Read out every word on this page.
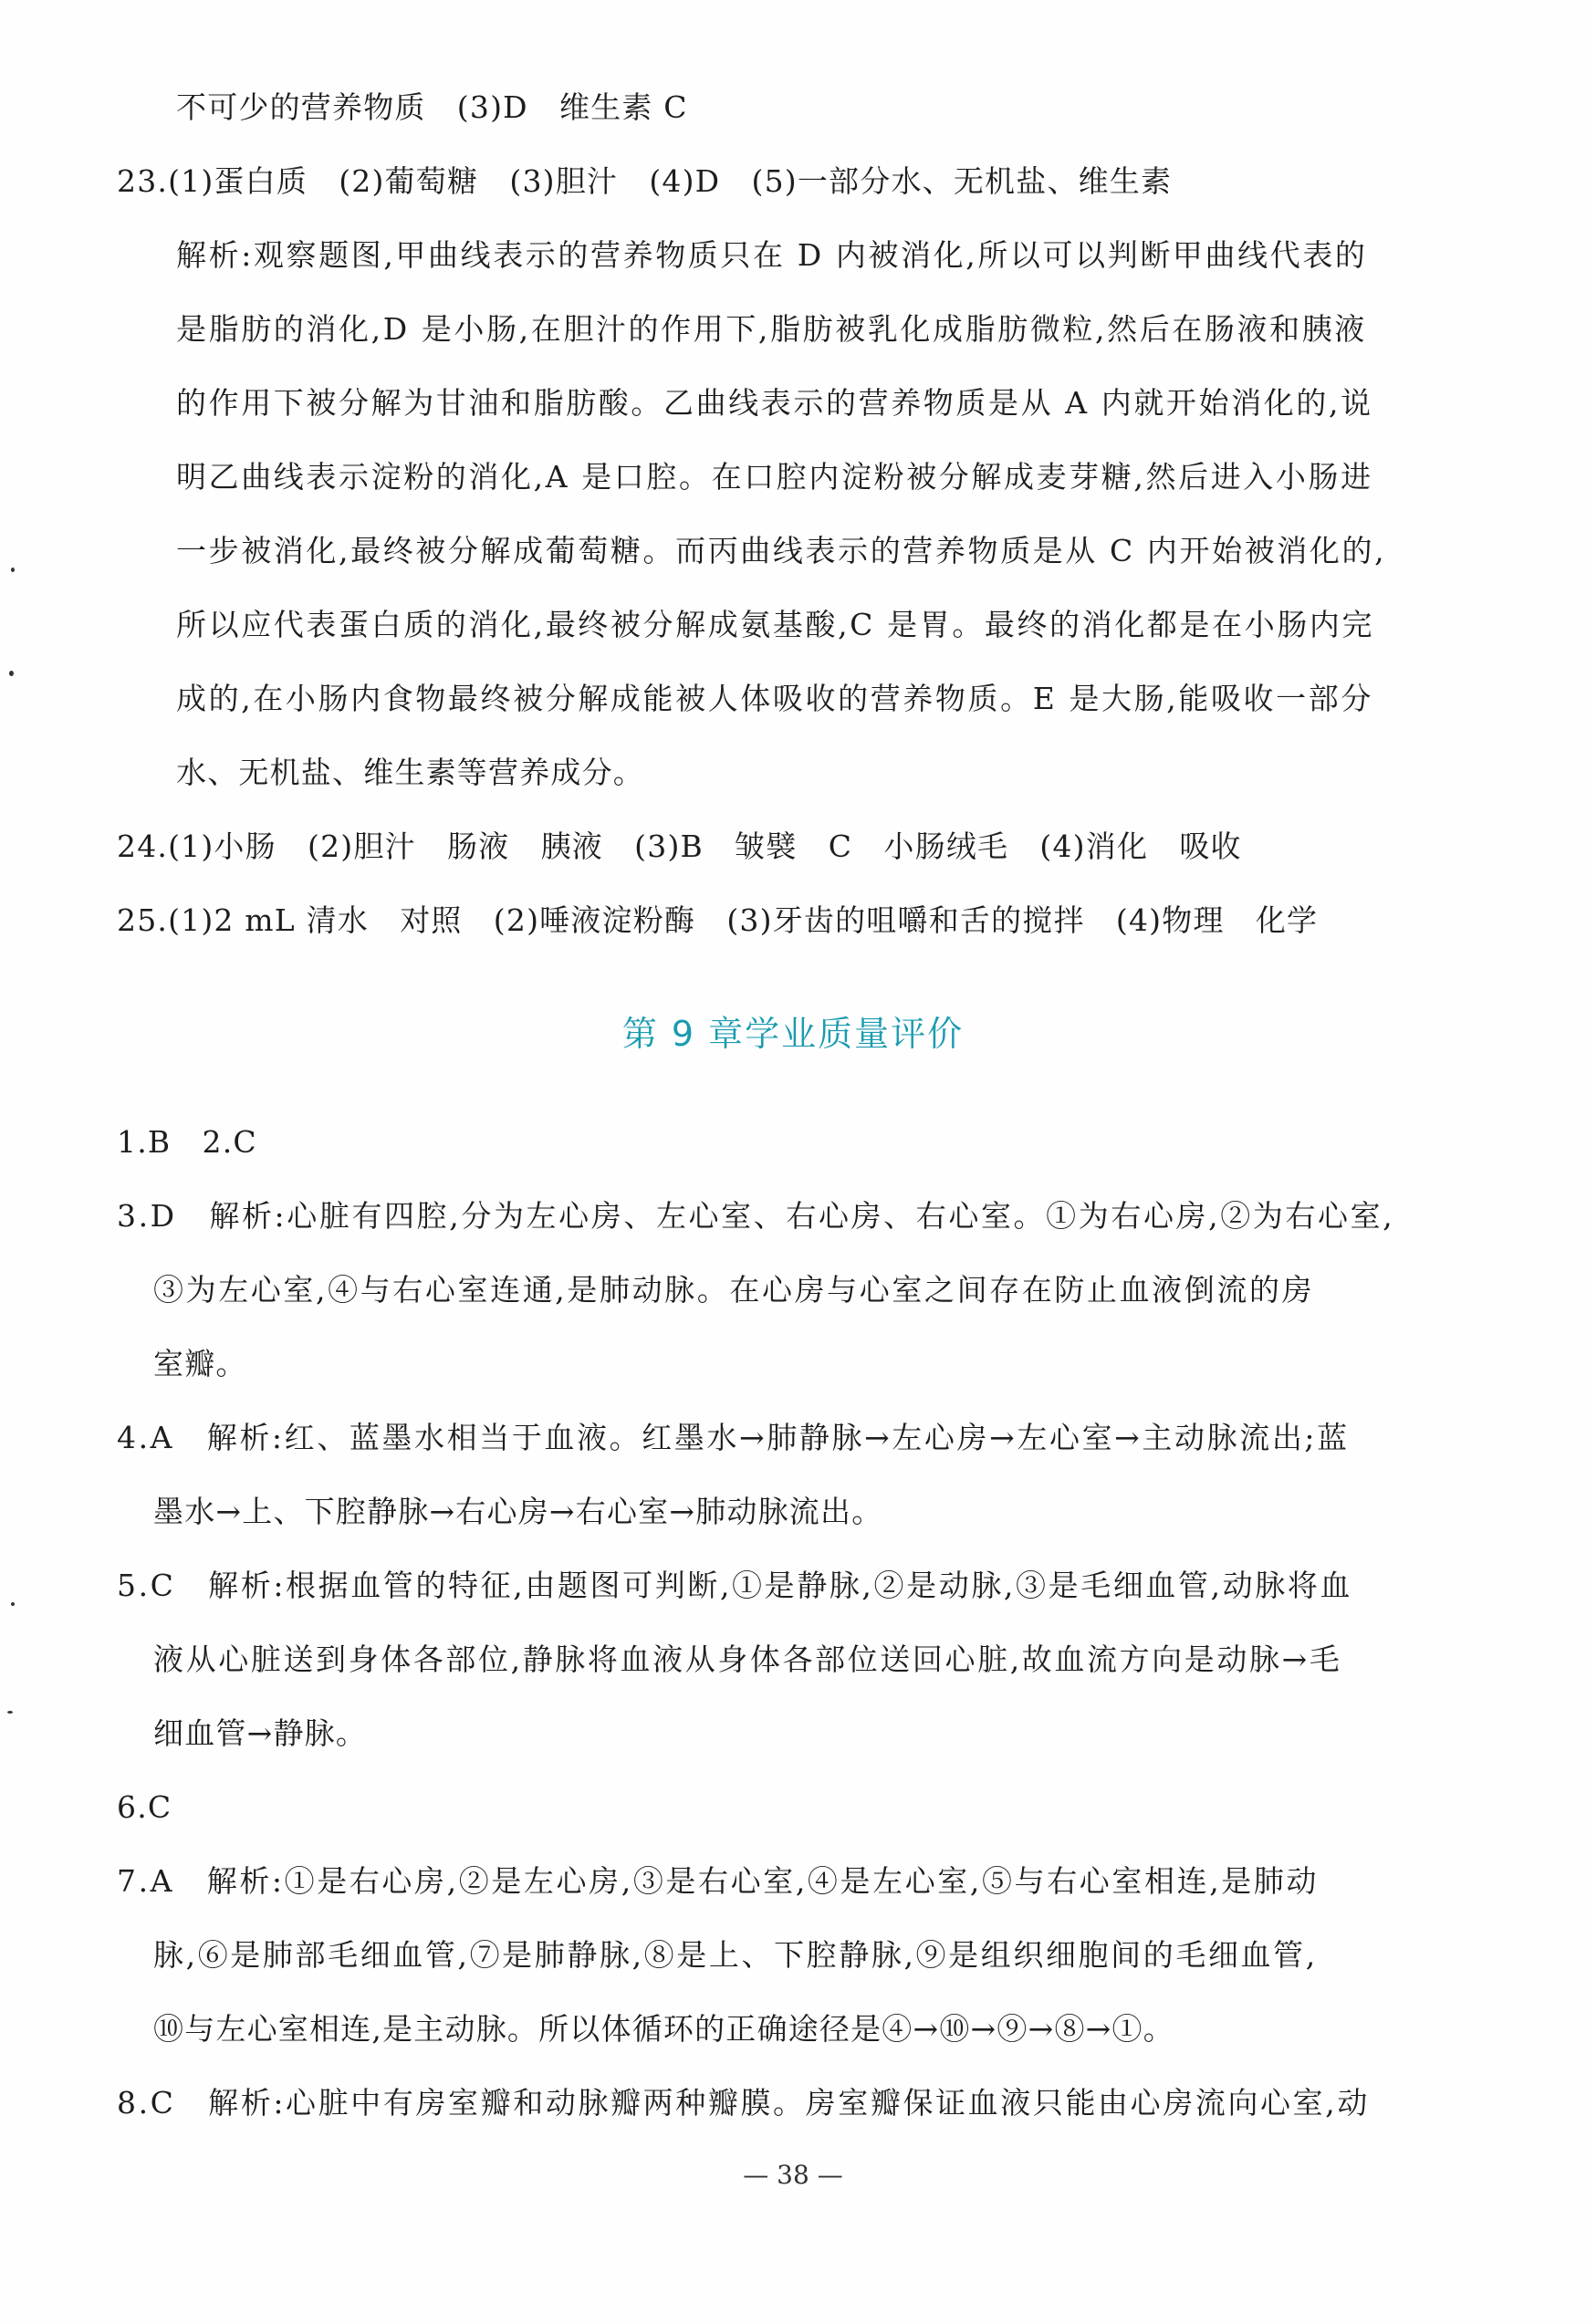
不可少的营养物质　(3)D　维生素 C
23.(1)蛋白质　(2)葡萄糖　(3)胆汁　(4)D　(5)一部分水、无机盐、维生素
解析:观察题图,甲曲线表示的营养物质只在 D 内被消化,所以可以判断甲曲线代表的
是脂肪的消化,D 是小肠,在胆汁的作用下,脂肪被乳化成脂肪微粒,然后在肠液和胰液
的作用下被分解为甘油和脂肪酸。乙曲线表示的营养物质是从 A 内就开始消化的,说
明乙曲线表示淀粉的消化,A 是口腔。在口腔内淀粉被分解成麦芽糖,然后进入小肠进
一步被消化,最终被分解成葡萄糖。而丙曲线表示的营养物质是从 C 内开始被消化的,
所以应代表蛋白质的消化,最终被分解成氨基酸,C 是胃。最终的消化都是在小肠内完
成的,在小肠内食物最终被分解成能被人体吸收的营养物质。E 是大肠,能吸收一部分
水、无机盐、维生素等营养成分。
24.(1)小肠　(2)胆汁　肠液　胰液　(3)B　皱襞　C　小肠绒毛　(4)消化　吸收
25.(1)2 mL 清水　对照　(2)唾液淀粉酶　(3)牙齿的咀嚼和舌的搅拌　(4)物理　化学
第 9 章学业质量评价
1.B　2.C
3.D　解析:心脏有四腔,分为左心房、左心室、右心房、右心室。①为右心房,②为右心室,
③为左心室,④与右心室连通,是肺动脉。在心房与心室之间存在防止血液倒流的房
室瓣。
4.A　解析:红、蓝墨水相当于血液。红墨水→肺静脉→左心房→左心室→主动脉流出;蓝
墨水→上、下腔静脉→右心房→右心室→肺动脉流出。
5.C　解析:根据血管的特征,由题图可判断,①是静脉,②是动脉,③是毛细血管,动脉将血
液从心脏送到身体各部位,静脉将血液从身体各部位送回心脏,故血流方向是动脉→毛
细血管→静脉。
6.C
7.A　解析:①是右心房,②是左心房,③是右心室,④是左心室,⑤与右心室相连,是肺动
脉,⑥是肺部毛细血管,⑦是肺静脉,⑧是上、下腔静脉,⑨是组织细胞间的毛细血管,
⑩与左心室相连,是主动脉。所以体循环的正确途径是④→⑩→⑨→⑧→①。
8.C　解析:心脏中有房室瓣和动脉瓣两种瓣膜。房室瓣保证血液只能由心房流向心室,动
— 38 —
